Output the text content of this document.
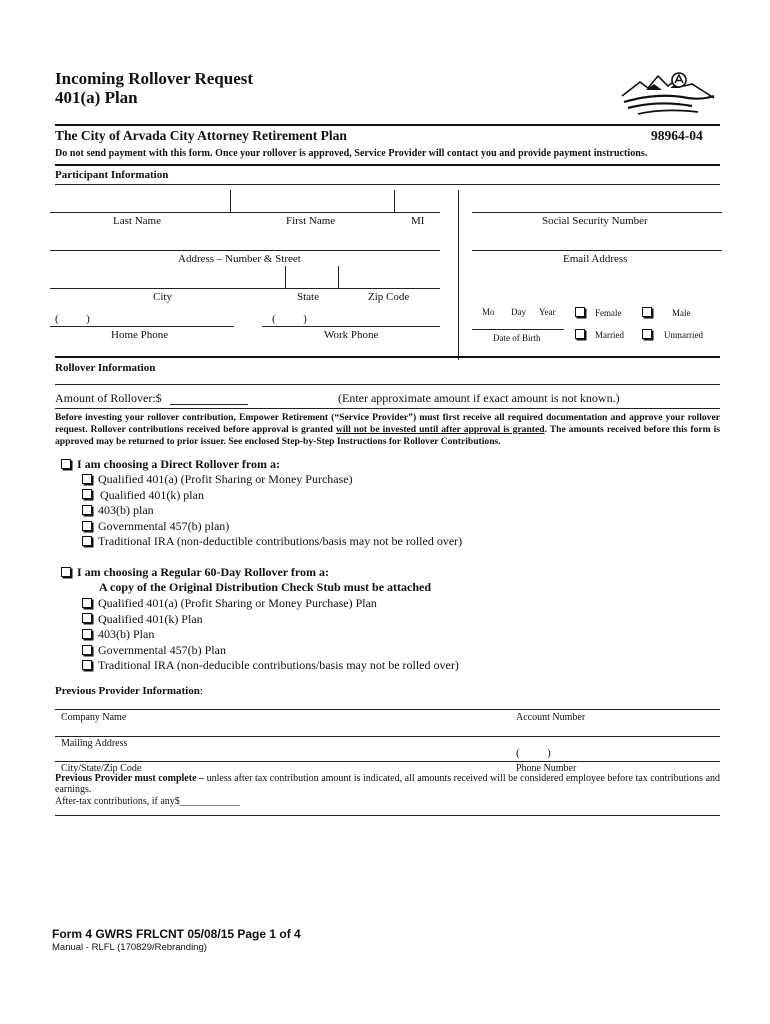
Incoming Rollover Request
401(a) Plan
The City of Arvada City Attorney Retirement Plan	98964-04
Do not send payment with this form. Once your rollover is approved, Service Provider will contact you and provide payment instructions.
Participant Information
Last Name	First Name	MI	Social Security Number
Address – Number & Street	Email Address
City	State	Zip Code
(          )	(          )
Home Phone	Work Phone
Mo Day Year
Date of Birth
Female	Male
Married	Unmarried
Rollover Information
Amount of Rollover:$	(Enter approximate amount if exact amount is not known.)
Before investing your rollover contribution, Empower Retirement (“Service Provider”) must first receive all required documentation and approve your rollover request. Rollover contributions received before approval is granted will not be invested until after approval is granted. The amounts received before this form is approved may be returned to prior issuer. See enclosed Step-by-Step Instructions for Rollover Contributions.
I am choosing a Direct Rollover from a:
Qualified 401(a) (Profit Sharing or Money Purchase)
Qualified 401(k) plan
403(b) plan
Governmental 457(b) plan)
Traditional IRA (non-deductible contributions/basis may not be rolled over)
I am choosing a Regular 60-Day Rollover from a:
A copy of the Original Distribution Check Stub must be attached
Qualified 401(a) (Profit Sharing or Money Purchase) Plan
Qualified 401(k) Plan
403(b) Plan
Governmental 457(b) Plan
Traditional IRA (non-deducible contributions/basis may not be rolled over)
Previous Provider Information:
Company Name	Account Number
Mailing Address
(          )
City/State/Zip Code	Phone Number
Previous Provider must complete – unless after tax contribution amount is indicated, all amounts received will be considered employee before tax contributions and earnings.
After-tax contributions, if any$____________
Form 4 GWRS FRLCNT 05/08/15 Page 1 of 4
Manual - RLFL (170829/Rebranding)
